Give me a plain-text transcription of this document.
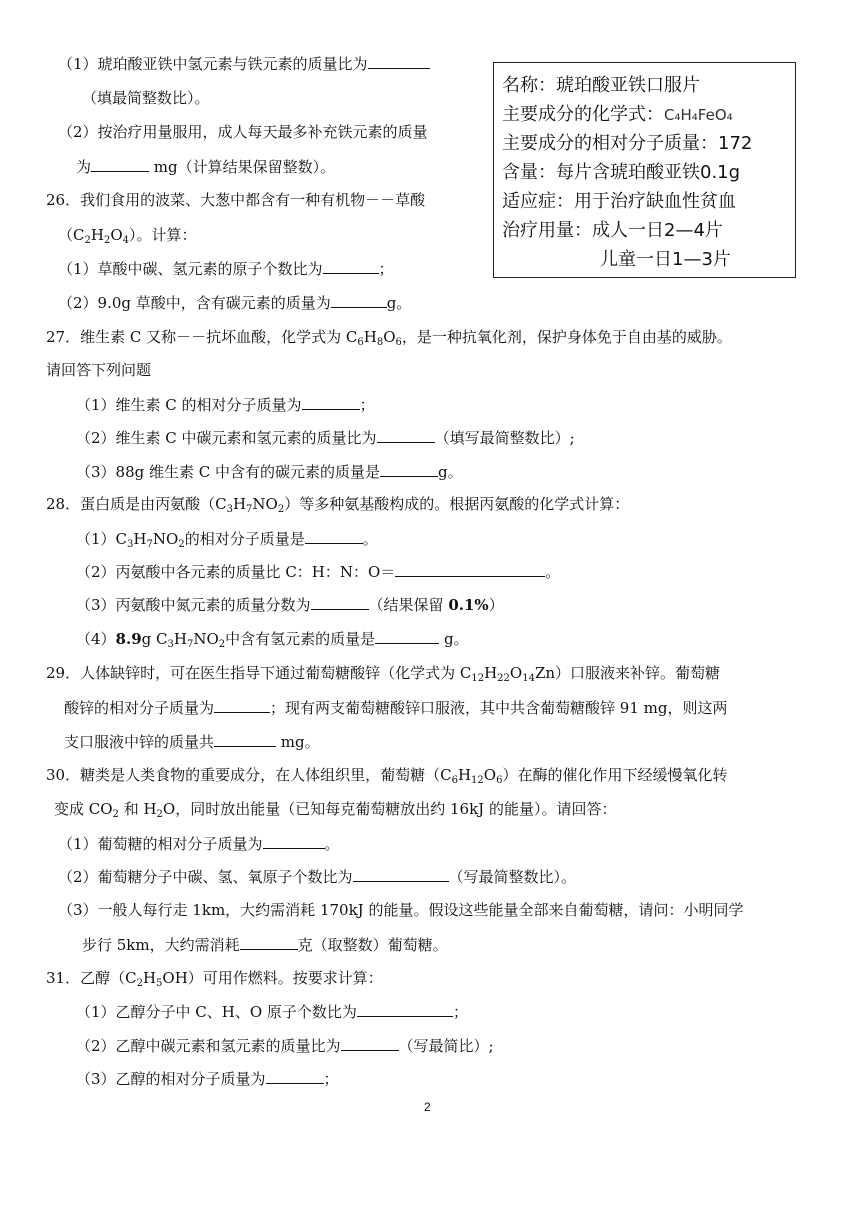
（1）琥珀酸亚铁中氢元素与铁元素的质量比为
（填最简整数比）。
（2）按治疗用量服用，成人每天最多补充铁元素的质量
为	mg（计算结果保留整数）。
26．我们食用的波菜、大葱中都含有一种有机物－－草酸
$(C_2H_2O_4)$。计算：
（1）草酸中碳、氢元素的原子个数比为	；
（2）9.0g 草酸中，含有碳元素的质量为	g。
名称：琥珀酸亚铁口服片
主要成分的化学式：C₄H₄FeO₄
主要成分的相对分子质量：172
含量：每片含琥珀酸亚铁0.1g
适应症：用于治疗缺血性贫血
治疗用量：成人一日2—4片
儿童一日1—3片
27．维生素 C 又称－－抗坏血酸，化学式为 $C_6H_8O_6$，是一种抗氧化剂，保护身体免于自由基的威胁。
请回答下列问题
（1）维生素 C 的相对分子质量为	；
（2）维生素 C 中碳元素和氢元素的质量比为	（填写最简整数比）;
（3）88g 维生素 C 中含有的碳元素的质量是	g。
28．蛋白质是由丙氨酸$(C_3H_7NO_2)$等多种氨基酸构成的。根据丙氨酸的化学式计算：
$(1)C_3H_7NO_2$的相对分子质量是	。
（2）丙氨酸中各元素的质量比 C：H：N：O＝	。
（3）丙氨酸中氮元素的质量分数为	（结果保留 0.1%）
（4）8.9g $C_3H_7NO_2$中含有氢元素的质量是	g。
29．人体缺锌时，可在医生指导下通过葡萄糖酸锌（化学式为 $C_{12}H_{22}O_{14}Zn$）口服液来补锌。葡萄糖
酸锌的相对分子质量为	；现有两支葡萄糖酸锌口服液，其中共含葡萄糖酸锌 91 mg，则这两
支口服液中锌的质量共	mg。
30．糖类是人类食物的重要成分，在人体组织里，葡萄糖$(C_6H_{12}O_6)$在酶的催化作用下经缓慢氧化转
变成 $CO_2$ 和 $H_2O$，同时放出能量（已知每克葡萄糖放出约 16kJ 的能量）。请回答：
（1）葡萄糖的相对分子质量为	。
（2）葡萄糖分子中碳、氢、氧原子个数比为	（写最简整数比）。
（3）一般人每行走 1km，大约需消耗 170kJ 的能量。假设这些能量全部来自葡萄糖，请问：小明同学
步行 5km，大约需消耗	克（取整数）葡萄糖。
31．乙醇$(C_2H_5OH)$可用作燃料。按要求计算：
（1）乙醇分子中 C、H、O 原子个数比为	；
（2）乙醇中碳元素和氢元素的质量比为	（写最简比）;
（3）乙醇的相对分子质量为	；
2
